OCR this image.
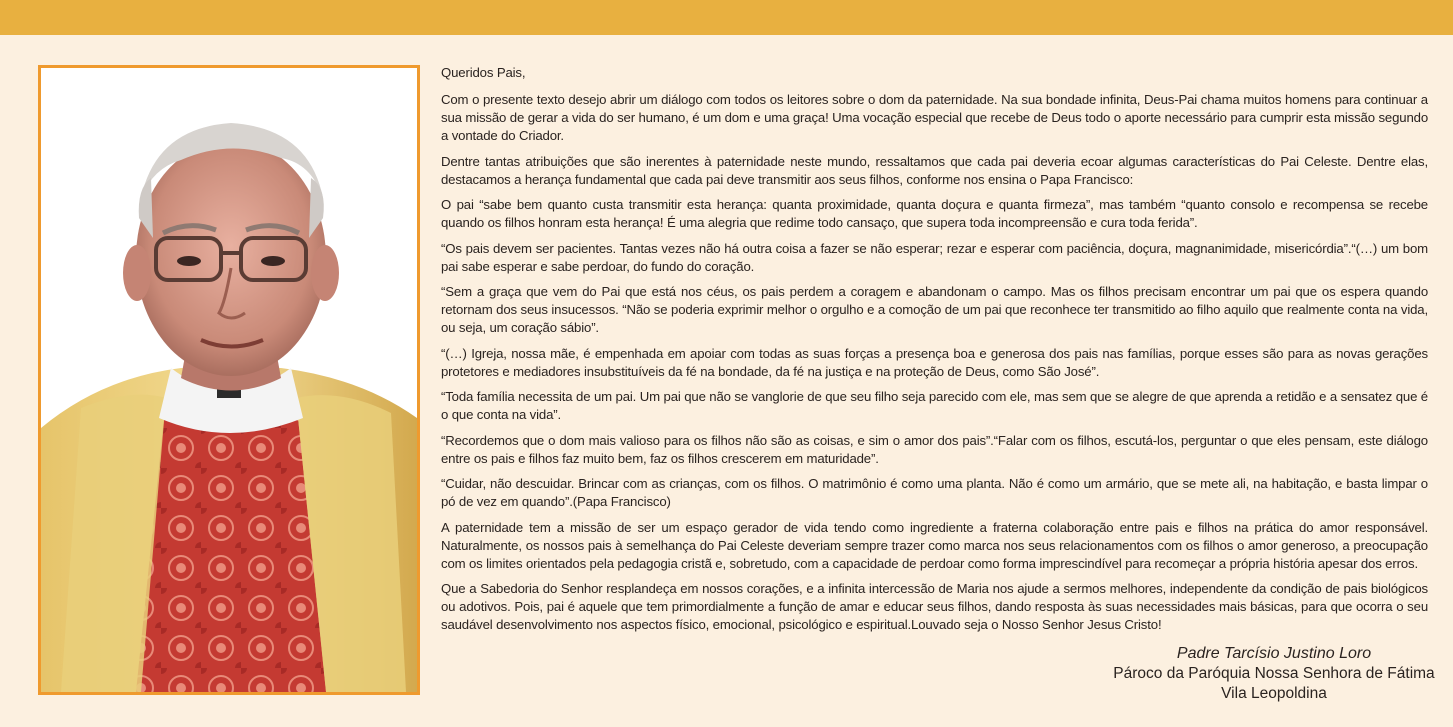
Queridos Pais,

Com o presente texto desejo abrir um diálogo com todos os leitores sobre o dom da paternidade. Na sua bondade infinita, Deus-Pai chama muitos homens para continuar a sua missão de gerar a vida do ser humano, é um dom e uma graça! Uma vocação especial que recebe de Deus todo o aporte necessário para cumprir esta missão segundo a vontade do Criador.

Dentre tantas atribuições que são inerentes à paternidade neste mundo, ressaltamos que cada pai deveria ecoar algumas características do Pai Celeste. Dentre elas, destacamos a herança fundamental que cada pai deve transmitir aos seus filhos, conforme nos ensina o Papa Francisco:

O pai “sabe bem quanto custa transmitir esta herança: quanta proximidade, quanta doçura e quanta firmeza”, mas também “quanto consolo e recompensa se recebe quando os filhos honram esta herança! É uma alegria que redime todo cansaço, que supera toda incompreensão e cura toda ferida”.

“Os pais devem ser pacientes. Tantas vezes não há outra coisa a fazer se não esperar; rezar e esperar com paciência, doçura, magnanimidade, misericórdia”.“(…) um bom pai sabe esperar e sabe perdoar, do fundo do coração.

“Sem a graça que vem do Pai que está nos céus, os pais perdem a coragem e abandonam o campo. Mas os filhos precisam encontrar um pai que os espera quando retornam dos seus insucessos. “Não se poderia exprimir melhor o orgulho e a comoção de um pai que reconhece ter transmitido ao filho aquilo que realmente conta na vida, ou seja, um coração sábio”.

“(…) Igreja, nossa mãe, é empenhada em apoiar com todas as suas forças a presença boa e generosa dos pais nas famílias, porque esses são para as novas gerações protetores e mediadores insubstituíveis da fé na bondade, da fé na justiça e na proteção de Deus, como São José”.

“Toda família necessita de um pai. Um pai que não se vanglorie de que seu filho seja parecido com ele, mas sem que se alegre de que aprenda a retidão e a sensatez que é o que conta na vida”.

“Recordemos que o dom mais valioso para os filhos não são as coisas, e sim o amor dos pais”.“Falar com os filhos, escutá-los, perguntar o que eles pensam, este diálogo entre os pais e filhos faz muito bem, faz os filhos crescerem em maturidade”.

“Cuidar, não descuidar. Brincar com as crianças, com os filhos. O matrimônio é como uma planta. Não é como um armário, que se mete ali, na habitação, e basta limpar o pó de vez em quando”.(Papa Francisco)

A paternidade tem a missão de ser um espaço gerador de vida tendo como ingrediente a fraterna colaboração entre pais e filhos na prática do amor responsável. Naturalmente, os nossos pais à semelhança do Pai Celeste deveriam sempre trazer como marca nos seus relacionamentos com os filhos o amor generoso, a preocupação com os limites orientados pela pedagogia cristã e, sobretudo, com a capacidade de perdoar como forma imprescindível para recomeçar a própria história apesar dos erros.

Que a Sabedoria do Senhor resplandeça em nossos corações, e a infinita intercessão de Maria nos ajude a sermos melhores, independente da condição de pais biológicos ou adotivos. Pois, pai é aquele que tem primordialmente a função de amar e educar seus filhos, dando resposta às suas necessidades mais básicas, para que ocorra o seu saudável desenvolvimento nos aspectos físico, emocional, psicológico e espiritual.Louvado seja o Nosso Senhor Jesus Cristo!

Padre Tarcísio Justino Loro
Pároco da Paróquia Nossa Senhora de Fátima
Vila Leopoldina
